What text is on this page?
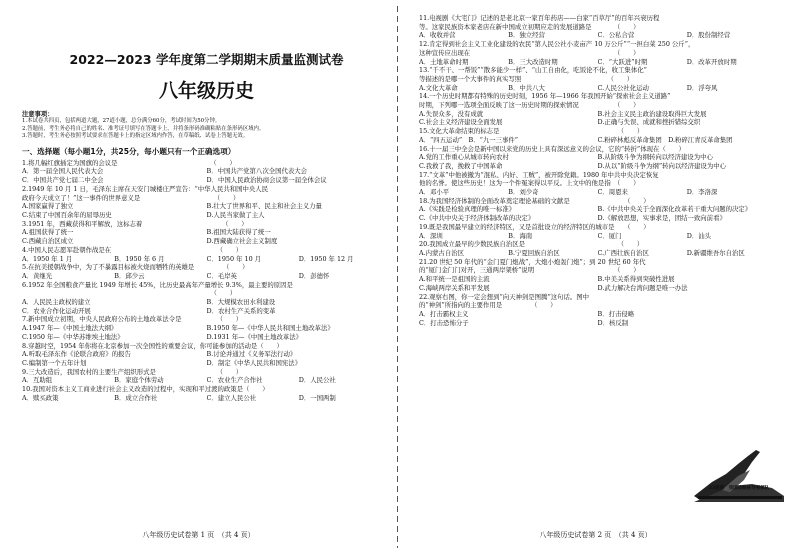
2022—2023 学年度第二学期期末质量监测试卷
八年级历史
注意事项：

1.本试卷共四页，包括两道大题，27道小题，总分满分60分，考试时间为50分钟。

2.答题前，考生务必将自己的姓名、准考证号填写在答题卡上，并将条形码准确粘贴在条形码区域内。

3.答题时，考生务必按照考试要求在答题卡上的指定区域内作答，在草稿纸、试卷上答题无效。

一、选择题（每小题1分，共25分，每小题只有一个正确选项）

1.将几幅红旗插定为国旗的会议是　　　　　　　　　　　　　　　（　　）

A．第一届全国人民代表大会	B．中国共产党第八次全国代表大会
C．中国共产党七届二中全会	D．中国人民政治协商会议第一届全体会议

2.1949 年 10 月 1 日，毛泽东主席在天安门城楼庄严宣告：“中华人民共和国中央人民

政府今天成立了！”这一事件的世界意义是　　　　　　　　　　　　（　　）

A.国家赢得了独立	B.壮大了世界和平、民主和社会主义力量
C.结束了中国百余年的屈辱历史	D.人民当家做了主人

3.1951 年，西藏获得和平解放，这标志着　　　　　　　　　　　　　（　　）

A.祖国获得了统一	B.祖国大陆获得了统一
C.西藏自治区成立	D.西藏确立社会主义制度

4.中国人民志愿军赴朝作战是在　　　　　　　　　　　　　　　　　（　　）

A．1950 年 1 月	B．1950 年 6 月	C．1950 年 10 月	D．1950 年 12 月

5.在抗美援朝战争中，为了不暴露目标被火烧而牺牲的英雄是　　　　　（　　）

A．黄继光	B．邱少云	C．毛岸英	D．彭德怀

6.1952 年全国粮食产量比 1949 年增长 45%，比历史最高年产量增长 9.3%，最主要的原因是

　　　　　　　　　　　　　　　　　　　　　　　　　　　　　　（　　）

A．人民民主政权的建立	B．大规模农田水利建设
C．农业合作化运动开展	D．农村生产关系的变革

7.新中国成立初期，中央人民政府公布的土地改革法令是　　　　　　（　　）

A.1947 年—《中国土地法大纲》	B.1950 年—《中华人民共和国土地改革法》
C.1950 年—《中华苏维埃土地法》	D.1931 年—《中国土地改革法》

8.穿越时空，1954 年你将在北京参加一次全国性的重要会议，你可能参加的活动是（　　）

A.听取毛泽东作《论联合政府》的报告	B.讨论并通过《义务军法行动》
C.编制第一个五年计划	D．制定《中华人民共和国宪法》

9.三大改造后，我国农村的主要生产组织形式是　　　　　　　　　　（　　）

A．互助组	B．家庭个体劳动	C．农业生产合作社	D．人民公社

10.我国对资本主义工商业进行社会主义改造的过程中，实现和平过渡的政策是（　　）

A．赎买政策	B．成立合作社	C．建立人民公社	D．一国两制
八年级历史试卷第 1 页　（共 4 页）

11.电视剧《大宅门》记述的是老北京一家百年药店——白家“百草厅”的百年兴衰历程

等。这家民族资本家老店在新中国成立初期应走的发展道路是　　　　（　　）

A．收收并营	B．独立经营	C．公私合营	D．股份制经营

12.肯定得到社会主义工业化建设的农民“第人民公社小麦亩产 10 万公斤”“一担白菜 250 公斤”，

这种宣传应出现在　　　　　　　　　　　　　　　　　　　　　　　（　　）

A．土地革命时期	B．三大改造时期	C．“大跃进”时期	D．改革开放时期

13.“千不干、一帮饭”“散多能少一样”、“山工自由化，吃饭论不化，收工集体化”

等描述的是哪一个大事件的真实写照　　　　　　　　　　　　　　（　　）

A.文化大革命	B．中共八大	C.人民公社化运动	D．浮夸风

14.一个历史时期都有特殊的历史时刻，1956 年—1966 年我国开始“探索社会主义道路”

时期，下列哪一选项全面反映了这一历史时期的探索情况　　　　　　（　　）

A.失误众多，没有成就	B.社会主义民主政治建设取得巨大发展
C.社会主义经济建设全面发展	D.正确与失误、成就和挫折错综交织

15.文化大革命结束的标志是　　　　　　　　　　　　　　　　　　　（　　）

A．“四五运动”　B．“九一三事件”	C.粉碎林彪反革命集团　D.粉碎江青反革命集团

16.十一届三中全会是新中国以来党的历史上具有深远意义的会议，它的“转折”体现在（　　）

A.党的工作重心从城市转向农村	B.从阶级斗争为纲转向以经济建设为中心
C.我救了我，挽救了中国革命	D.从以“阶级斗争为纲”转向以经济建设为中心

17.“文革”中他被撤为“混私、内好、工贼”，被开除党籍。1980 年中共中央决定恢复

他的名誉。使这些历史！这为一个件冤案得以平反。上文中的他是指　（　　）

A．邓小平	B．刘少奇	C．周恩来	D．李洛深

18.为我国经济体制的全面改革奠定理论基础的文献是　　　　　　　　　（　　）

A.《实践是检验真理的唯一标准》	B.《中共中央关于全面深化改革若干重大问题的决定》
C.《中共中央关于经济体制改革的决定》	D.《解放思想，实事求是，团结一致向前看》

19.既是我国最早建立的经济特区，又是首批设立的经济特区的城市是　　（　　）

A．深圳	B．海南	C．厦门	D．汕头

20.我国成立最早的少数民族自治区是　　　　　　　　　　　　　　　（　　）

A.内蒙古自治区	B.宁夏回族自治区	C.广西壮族自治区	D.新疆维吾尔自治区

21.20 世纪 50 年代的“金门夏门炮战”，大炮小炮轰门炮”；到 20 世纪 60 年代

的“厦门金门门对开，三通两岸架桥”说明　　　　　　　　　　　　　（　　）

A.和平统一是祖国的主流	B.中美关系得到突破性进展
C.海峡两岸关系和平发展	D.武力解决台湾问题是唯一办法

22.观察右图，你一定会想到“向天神剑是图腾”这句话。图中

的“神剑”所指向的主要作用是　　　　　（　　）

A．打击霸权主义	B．打击侵略
C．打击恐怖分子	D．核反制
八年级历史试卷第 2 页　（共 4 页）
22题图　我国战略核导弹部队
